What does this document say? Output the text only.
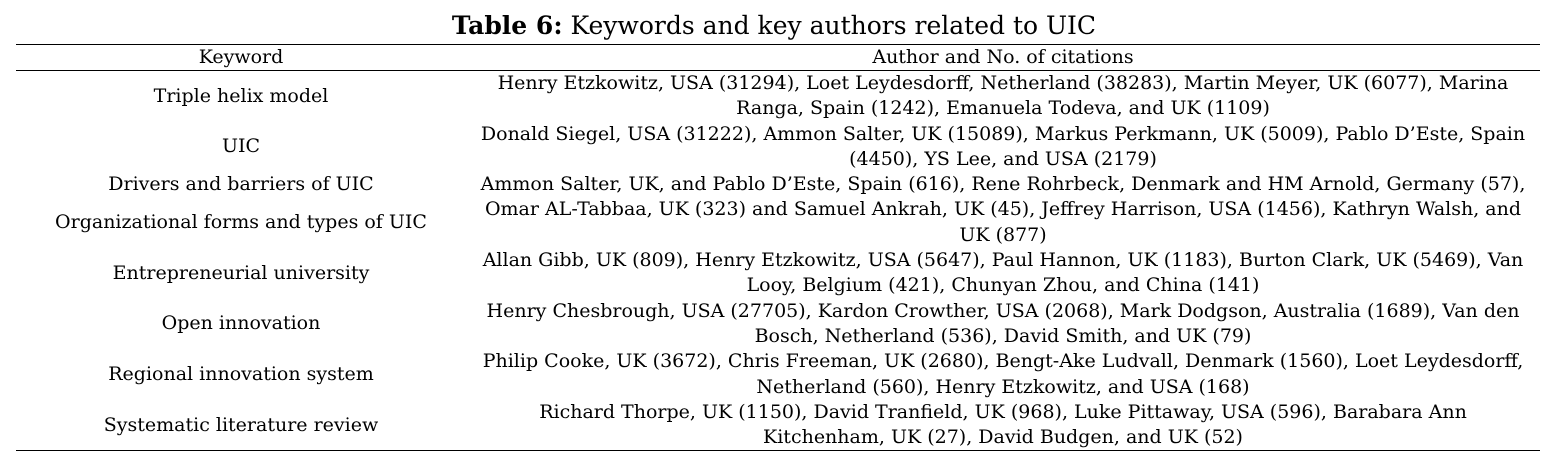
Table 6: Keywords and key authors related to UIC
Keyword	Author and No. of citations
Triple helix model	Henry Etzkowitz, USA (31294), Loet Leydesdorff, Netherland (38283), Martin Meyer, UK (6077), Marina Ranga, Spain (1242), Emanuela Todeva, and UK (1109)
UIC	Donald Siegel, USA (31222), Ammon Salter, UK (15089), Markus Perkmann, UK (5009), Pablo D’Este, Spain (4450), YS Lee, and USA (2179)
Drivers and barriers of UIC	Ammon Salter, UK, and Pablo D’Este, Spain (616), Rene Rohrbeck, Denmark and HM Arnold, Germany (57),
Organizational forms and types of UIC	Omar AL-Tabbaa, UK (323) and Samuel Ankrah, UK (45), Jeffrey Harrison, USA (1456), Kathryn Walsh, and UK (877)
Entrepreneurial university	Allan Gibb, UK (809), Henry Etzkowitz, USA (5647), Paul Hannon, UK (1183), Burton Clark, UK (5469), Van Looy, Belgium (421), Chunyan Zhou, and China (141)
Open innovation	Henry Chesbrough, USA (27705), Kardon Crowther, USA (2068), Mark Dodgson, Australia (1689), Van den Bosch, Netherland (536), David Smith, and UK (79)
Regional innovation system	Philip Cooke, UK (3672), Chris Freeman, UK (2680), Bengt-Ake Ludvall, Denmark (1560), Loet Leydesdorff, Netherland (560), Henry Etzkowitz, and USA (168)
Systematic literature review	Richard Thorpe, UK (1150), David Tranfield, UK (968), Luke Pittaway, USA (596), Barabara Ann Kitchenham, UK (27), David Budgen, and UK (52)
